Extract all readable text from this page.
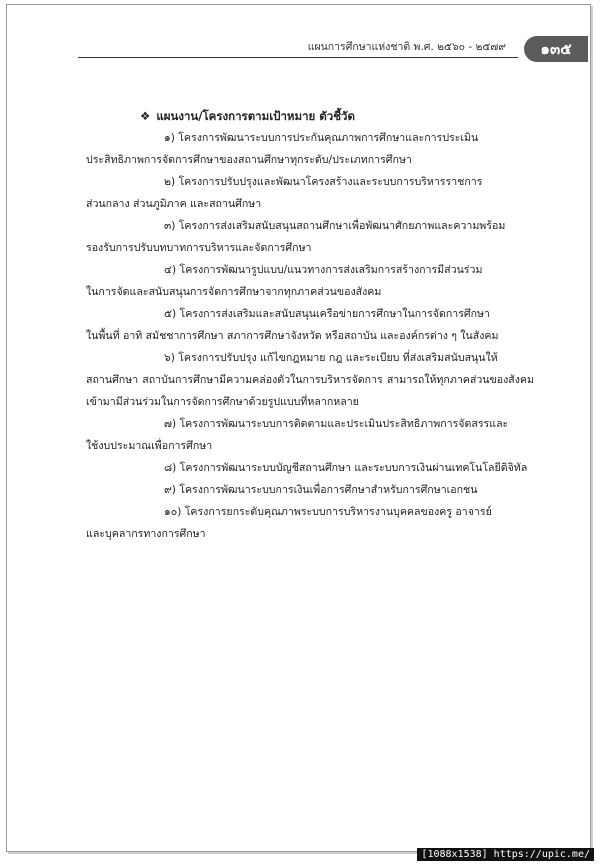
แผนการศึกษาแห่งชาติ พ.ศ. ๒๕๖๐ - ๒๕๗๙	๑๓๕
❖ แผนงาน/โครงการตามเป้าหมาย ตัวชี้วัด

๑) โครงการพัฒนาระบบการประกันคุณภาพการศึกษาและการประเมิน
ประสิทธิภาพการจัดการศึกษาของสถานศึกษาทุกระดับ/ประเภทการศึกษา

๒) โครงการปรับปรุงและพัฒนาโครงสร้างและระบบการบริหารราชการ
ส่วนกลาง ส่วนภูมิภาค และสถานศึกษา

๓) โครงการส่งเสริมสนับสนุนสถานศึกษาเพื่อพัฒนาศักยภาพและความพร้อม
รองรับการปรับบทบาทการบริหารและจัดการศึกษา

๔) โครงการพัฒนารูปแบบ/แนวทางการส่งเสริมการสร้างการมีส่วนร่วม
ในการจัดและสนับสนุนการจัดการศึกษาจากทุกภาคส่วนของสังคม

๕) โครงการส่งเสริมและสนับสนุนเครือข่ายการศึกษาในการจัดการศึกษา
ในพื้นที่ อาทิ สมัชชาการศึกษา สภาการศึกษาจังหวัด หรือสถาบัน และองค์กรต่าง ๆ ในสังคม

๖) โครงการปรับปรุง แก้ไขกฎหมาย กฎ และระเบียบ ที่ส่งเสริมสนับสนุนให้
สถานศึกษา สถาบันการศึกษามีความคล่องตัวในการบริหารจัดการ สามารถให้ทุกภาคส่วนของสังคมเข้ามามีส่วนร่วมในการจัดการศึกษาด้วยรูปแบบที่หลากหลาย

๗) โครงการพัฒนาระบบการติดตามและประเมินประสิทธิภาพการจัดสรรและ
ใช้งบประมาณเพื่อการศึกษา

๘) โครงการพัฒนาระบบบัญชีสถานศึกษา และระบบการเงินผ่านเทคโนโลยีดิจิทัล

๙) โครงการพัฒนาระบบการเงินเพื่อการศึกษาสำหรับการศึกษาเอกชน

๑๐) โครงการยกระดับคุณภาพระบบการบริหารงานบุคคลของครู อาจารย์
และบุคลากรทางการศึกษา

[1088x1538] https://upic.me/
